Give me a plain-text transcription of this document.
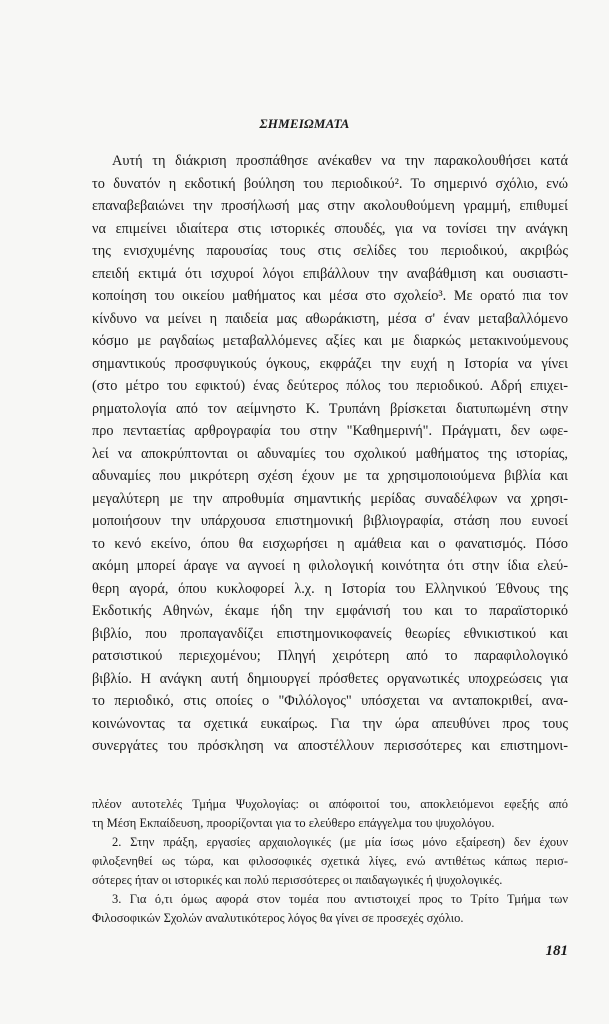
ΣΗΜΕΙΩΜΑΤΑ
Αυτή τη διάκριση προσπάθησε ανέκαθεν να την παρακολουθήσει κατά
το δυνατόν η εκδοτική βούληση του περιοδικού². Το σημερινό σχόλιο, ενώ
επαναβεβαιώνει την προσήλωσή μας στην ακολουθούμενη γραμμή, επιθυμεί
να επιμείνει ιδιαίτερα στις ιστορικές σπουδές, για να τονίσει την ανάγκη
της ενισχυμένης παρουσίας τους στις σελίδες του περιοδικού, ακριβώς
επειδή εκτιμά ότι ισχυροί λόγοι επιβάλλουν την αναβάθμιση και ουσιαστι-
κοποίηση του οικείου μαθήματος και μέσα στο σχολείο³. Με ορατό πια τον
κίνδυνο να μείνει η παιδεία μας αθωράκιστη, μέσα σ' έναν μεταβαλλόμενο
κόσμο με ραγδαίως μεταβαλλόμενες αξίες και με διαρκώς μετακινούμενους
σημαντικούς προσφυγικούς όγκους, εκφράζει την ευχή η Ιστορία να γίνει
(στο μέτρο του εφικτού) ένας δεύτερος πόλος του περιοδικού. Αδρή επιχει-
ρηματολογία από τον αείμνηστο Κ. Τρυπάνη βρίσκεται διατυπωμένη στην
προ πενταετίας αρθρογραφία του στην "Καθημερινή". Πράγματι, δεν ωφε-
λεί να αποκρύπτονται οι αδυναμίες του σχολικού μαθήματος της ιστορίας,
αδυναμίες που μικρότερη σχέση έχουν με τα χρησιμοποιούμενα βιβλία και
μεγαλύτερη με την απροθυμία σημαντικής μερίδας συναδέλφων να χρησι-
μοποιήσουν την υπάρχουσα επιστημονική βιβλιογραφία, στάση που ευνοεί
το κενό εκείνο, όπου θα εισχωρήσει η αμάθεια και ο φανατισμός. Πόσο
ακόμη μπορεί άραγε να αγνοεί η φιλολογική κοινότητα ότι στην ίδια ελεύ-
θερη αγορά, όπου κυκλοφορεί λ.χ. η Ιστορία του Ελληνικού Έθνους της
Εκδοτικής Αθηνών, έκαμε ήδη την εμφάνισή του και το παραϊστορικό
βιβλίο, που προπαγανδίζει επιστημονικοφανείς θεωρίες εθνικιστικού και
ρατσιστικού περιεχομένου; Πληγή χειρότερη από το παραφιλολογικό
βιβλίο. Η ανάγκη αυτή δημιουργεί πρόσθετες οργανωτικές υποχρεώσεις για
το περιοδικό, στις οποίες ο "Φιλόλογος" υπόσχεται να ανταποκριθεί, ανα-
κοινώνοντας τα σχετικά ευκαίρως. Για την ώρα απευθύνει προς τους
συνεργάτες του πρόσκληση να αποστέλλουν περισσότερες και επιστημονι-
πλέον αυτοτελές Τμήμα Ψυχολογίας: οι απόφοιτοί του, αποκλειόμενοι εφεξής από
τη Μέση Εκπαίδευση, προορίζονται για το ελεύθερο επάγγελμα του ψυχολόγου.
2. Στην πράξη, εργασίες αρχαιολογικές (με μία ίσως μόνο εξαίρεση) δεν έχουν
φιλοξενηθεί ως τώρα, και φιλοσοφικές σχετικά λίγες, ενώ αντιθέτως κάπως περισ-
σότερες ήταν οι ιστορικές και πολύ περισσότερες οι παιδαγωγικές ή ψυχολογικές.
3. Για ό,τι όμως αφορά στον τομέα που αντιστοιχεί προς το Τρίτο Τμήμα των
Φιλοσοφικών Σχολών αναλυτικότερος λόγος θα γίνει σε προσεχές σχόλιο.
181
